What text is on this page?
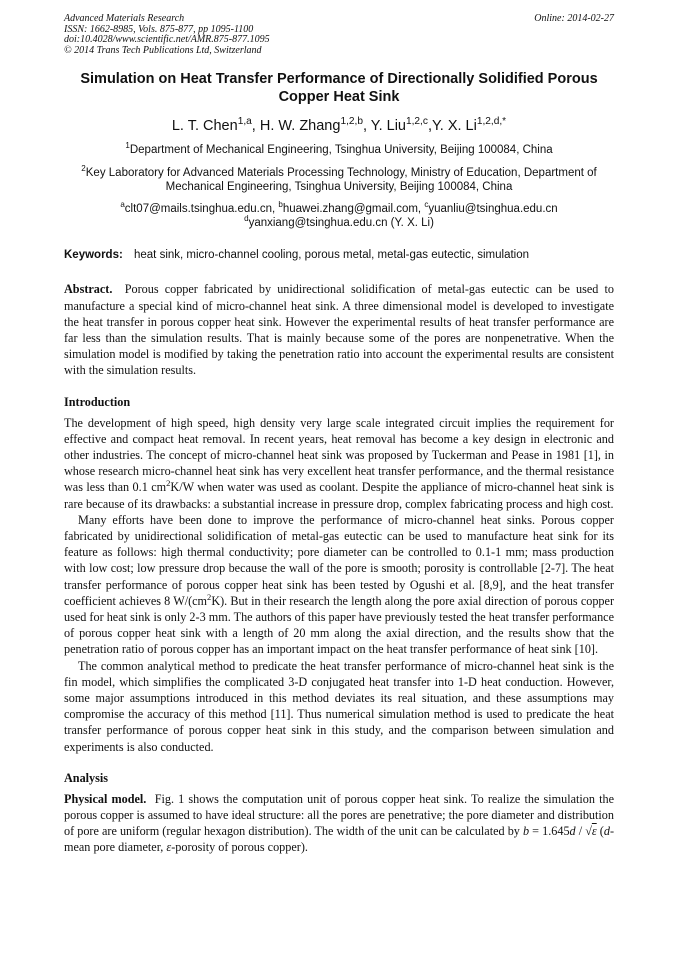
Advanced Materials Research
ISSN: 1662-8985, Vols. 875-877, pp 1095-1100
doi:10.4028/www.scientific.net/AMR.875-877.1095
© 2014 Trans Tech Publications Ltd, Switzerland
Online: 2014-02-27
Simulation on Heat Transfer Performance of Directionally Solidified Porous Copper Heat Sink
L. T. Chen$^{1,a}$, H. W. Zhang$^{1,2,b}$, Y. Liu$^{1,2,c}$,Y. X. $Li^{1,2,d,*}$
$^1$Department of Mechanical Engineering, Tsinghua University, Beijing 100084, China
$^2$Key Laboratory for Advanced Materials Processing Technology, Ministry of Education, Department of Mechanical Engineering, Tsinghua University, Beijing 100084, China
$^a$clt07@mails.tsinghua.edu.cn, $^b$huawei.zhang@gmail.com, $^c$yuanliu@tsinghua.edu.cn
$^d$yanxiang@tsinghua.edu.cn (Y. X. Li)
Keywords: heat sink, micro-channel cooling, porous metal, metal-gas eutectic, simulation

Abstract. Porous copper fabricated by unidirectional solidification of metal-gas eutectic can be used to manufacture a special kind of micro-channel heat sink. A three dimensional model is developed to investigate the heat transfer in porous copper heat sink. However the experimental results of heat transfer performance are far less than the simulation results. That is mainly because some of the pores are nonpenetrative. When the simulation model is modified by taking the penetration ratio into account the experimental results are consistent with the simulation results.

Introduction

The development of high speed, high density very large scale integrated circuit implies the requirement for effective and compact heat removal. In recent years, heat removal has become a key design in electronic and other industries. The concept of micro-channel heat sink was proposed by Tuckerman and Pease in 1981 [1], in whose research micro-channel heat sink has very excellent heat transfer performance, and the thermal resistance was less than 0.1 $cm^2K/W$ when water was used as coolant. Despite the appliance of micro-channel heat sink is rare because of its drawbacks: a substantial increase in pressure drop, complex fabricating process and high cost.

Many efforts have been done to improve the performance of micro-channel heat sinks. Porous copper fabricated by unidirectional solidification of metal-gas eutectic can be used to manufacture heat sink for its feature as follows: high thermal conductivity; pore diameter can be controlled to 0.1-1 mm; mass production with low cost; low pressure drop because the wall of the pore is smooth; porosity is controllable [2-7]. The heat transfer performance of porous copper heat sink has been tested by Ogushi et al. [8,9], and the heat transfer coefficient achieves 8 $W/(cm^2K)$. But in their research the length along the pore axial direction of porous copper used for heat sink is only 2-3 mm. The authors of this paper have previously tested the heat transfer performance of porous copper heat sink with a length of 20 mm along the axial direction, and the results show that the penetration ratio of porous copper has an important impact on the heat transfer performance of heat sink [10].

The common analytical method to predicate the heat transfer performance of micro-channel heat sink is the fin model, which simplifies the complicated 3-D conjugated heat transfer into 1-D heat conduction. However, some major assumptions introduced in this method deviates its real situation, and these assumptions may compromise the accuracy of this method [11]. Thus numerical simulation method is used to predicate the heat transfer performance of porous copper heat sink in this study, and the comparison between simulation and experiments is also conducted.

Analysis

Physical model. Fig. 1 shows the computation unit of porous copper heat sink. To realize the simulation the porous copper is assumed to have ideal structure: all the pores are penetrative; the pore diameter and distribution of pore are uniform (regular hexagon distribution). The width of the unit can be calculated by b = 1.645d / √ε (d-mean pore diameter, ε-porosity of porous copper).
